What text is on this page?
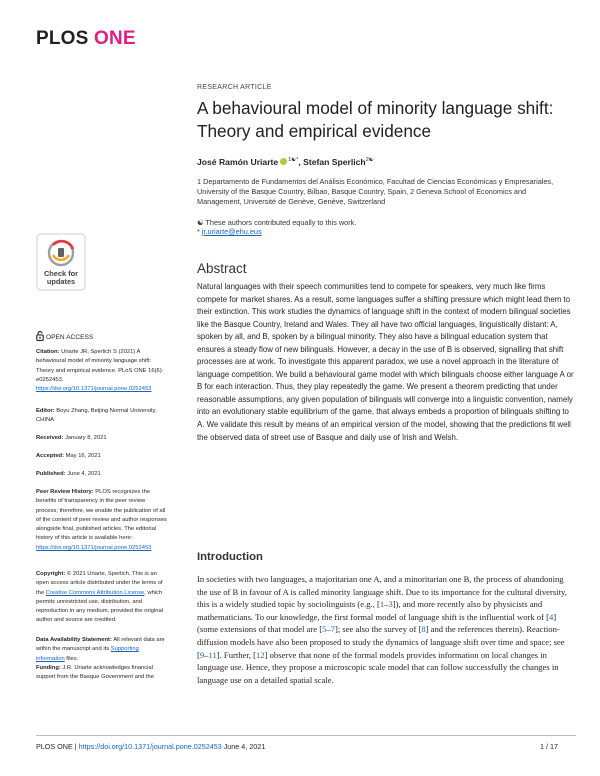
PLOS ONE
RESEARCH ARTICLE
A behavioural model of minority language shift: Theory and empirical evidence
José Ramón Uriarte $^{1☯*}$, Stefan Sperlich$^{2☯}$
1 Departamento de Fundamentos del Análisis Económico, Facultad de Ciencias Económicas y Empresariales, University of the Basque Country, Bilbao, Basque Country, Spain, 2 Geneva School of Economics and Management, Université de Genève, Genève, Switzerland
☯ These authors contributed equally to this work.
* jr.uriarte@ehu.eus
Abstract
Natural languages with their speech communities tend to compete for speakers, very much like firms compete for market shares. As a result, some languages suffer a shifting pressure which might lead them to their extinction. This work studies the dynamics of language shift in the context of modern bilingual societies like the Basque Country, Ireland and Wales. They all have two official languages, linguistically distant: A, spoken by all, and B, spoken by a bilingual minority. They also have a bilingual education system that ensures a steady flow of new bilinguals. However, a decay in the use of B is observed, signalling that shift processes are at work. To investigate this apparent paradox, we use a novel approach in the literature of language competition. We build a behavioural game model with which bilinguals choose either language A or B for each interaction. Thus, they play repeatedly the game. We present a theorem predicting that under reasonable assumptions, any given population of bilinguals will converge into a linguistic convention, namely into an evolutionary stable equilibrium of the game, that always embeds a proportion of bilinguals shifting to A. We validate this result by means of an empirical version of the model, showing that the predictions fit well the observed data of street use of Basque and daily use of Irish and Welsh.
Introduction
In societies with two languages, a majoritarian one A, and a minoritarian one B, the process of abandoning the use of B in favour of A is called minority language shift. Due to its importance for the cultural diversity, this is a widely studied topic by sociolinguists (e.g., [1–3]), and more recently also by physicists and mathematicians. To our knowledge, the first formal model of language shift is the influential work of [4] (some extensions of that model are [5–7]; see also the survey of [8] and the references therein). Reaction-diffusion models have also been proposed to study the dynamics of language shift over time and space; see [9–11]. Further, [12] observe that none of the formal models provides information on local changes in language use. Hence, they propose a microscopic scale model that can follow successfully the changes in language use on a detailed spatial scale.
Check for
updates
OPEN ACCESS
Citation: Uriarte JR, Sperlich S (2021) A behavioural model of minority language shift: Theory and empirical evidence. PLoS ONE 16(6): e0252453. https://doi.org/10.1371/journal.pone.0252453
Editor: Boyu Zhang, Beijing Normal University, CHINA
Received: January 8, 2021
Accepted: May 16, 2021
Published: June 4, 2021
Peer Review History: PLOS recognizes the benefits of transparency in the peer review process; therefore, we enable the publication of all of the content of peer review and author responses alongside final, published articles. The editorial history of this article is available here: https://doi.org/10.1371/journal.pone.0252453
Copyright: © 2021 Uriarte, Sperlich. This is an open access article distributed under the terms of the Creative Commons Attribution License, which permits unrestricted use, distribution, and reproduction in any medium, provided the original author and source are credited.
Data Availability Statement: All relevant data are within the manuscript and its Supporting information files.
Funding: J.R. Uriarte acknowledges financial support from the Basque Government and the
PLOS ONE | https://doi.org/10.1371/journal.pone.0252453 June 4, 2021	1 / 17
